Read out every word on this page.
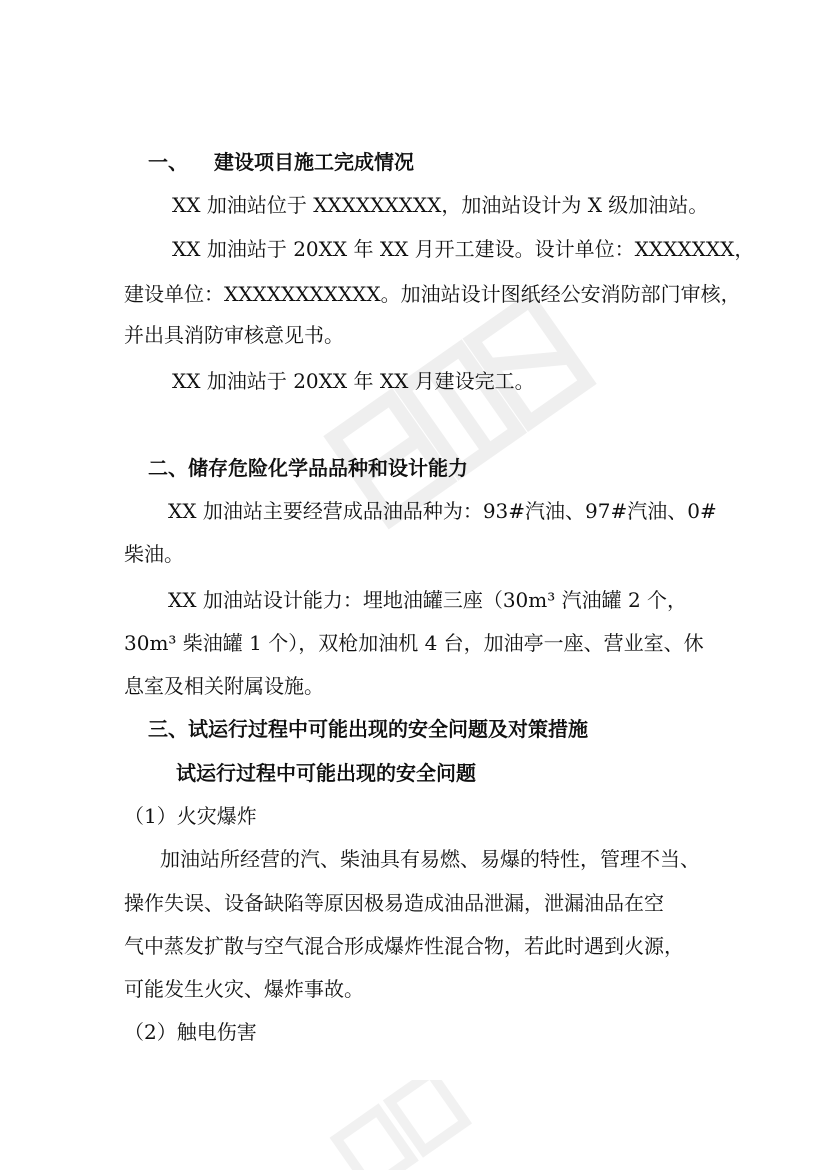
一、 建设项目施工完成情况
XX 加油站位于 XXXXXXXXX，加油站设计为 X 级加油站。
XX 加油站于 20XX 年 XX 月开工建设。设计单位：XXXXXXX，
建设单位：XXXXXXXXXXX。加油站设计图纸经公安消防部门审核，
并出具消防审核意见书。
XX 加油站于 20XX 年 XX 月建设完工。
二、储存危险化学品品种和设计能力
XX 加油站主要经营成品油品种为：93#汽油、97#汽油、0#
柴油。
XX 加油站设计能力：埋地油罐三座（30m³ 汽油罐 2 个，
30m³ 柴油罐 1 个），双枪加油机 4 台，加油亭一座、营业室、休
息室及相关附属设施。
三、试运行过程中可能出现的安全问题及对策措施
试运行过程中可能出现的安全问题
（1）火灾爆炸
加油站所经营的汽、柴油具有易燃、易爆的特性，管理不当、
操作失误、设备缺陷等原因极易造成油品泄漏，泄漏油品在空
气中蒸发扩散与空气混合形成爆炸性混合物，若此时遇到火源，
可能发生火灾、爆炸事故。
（2）触电伤害
